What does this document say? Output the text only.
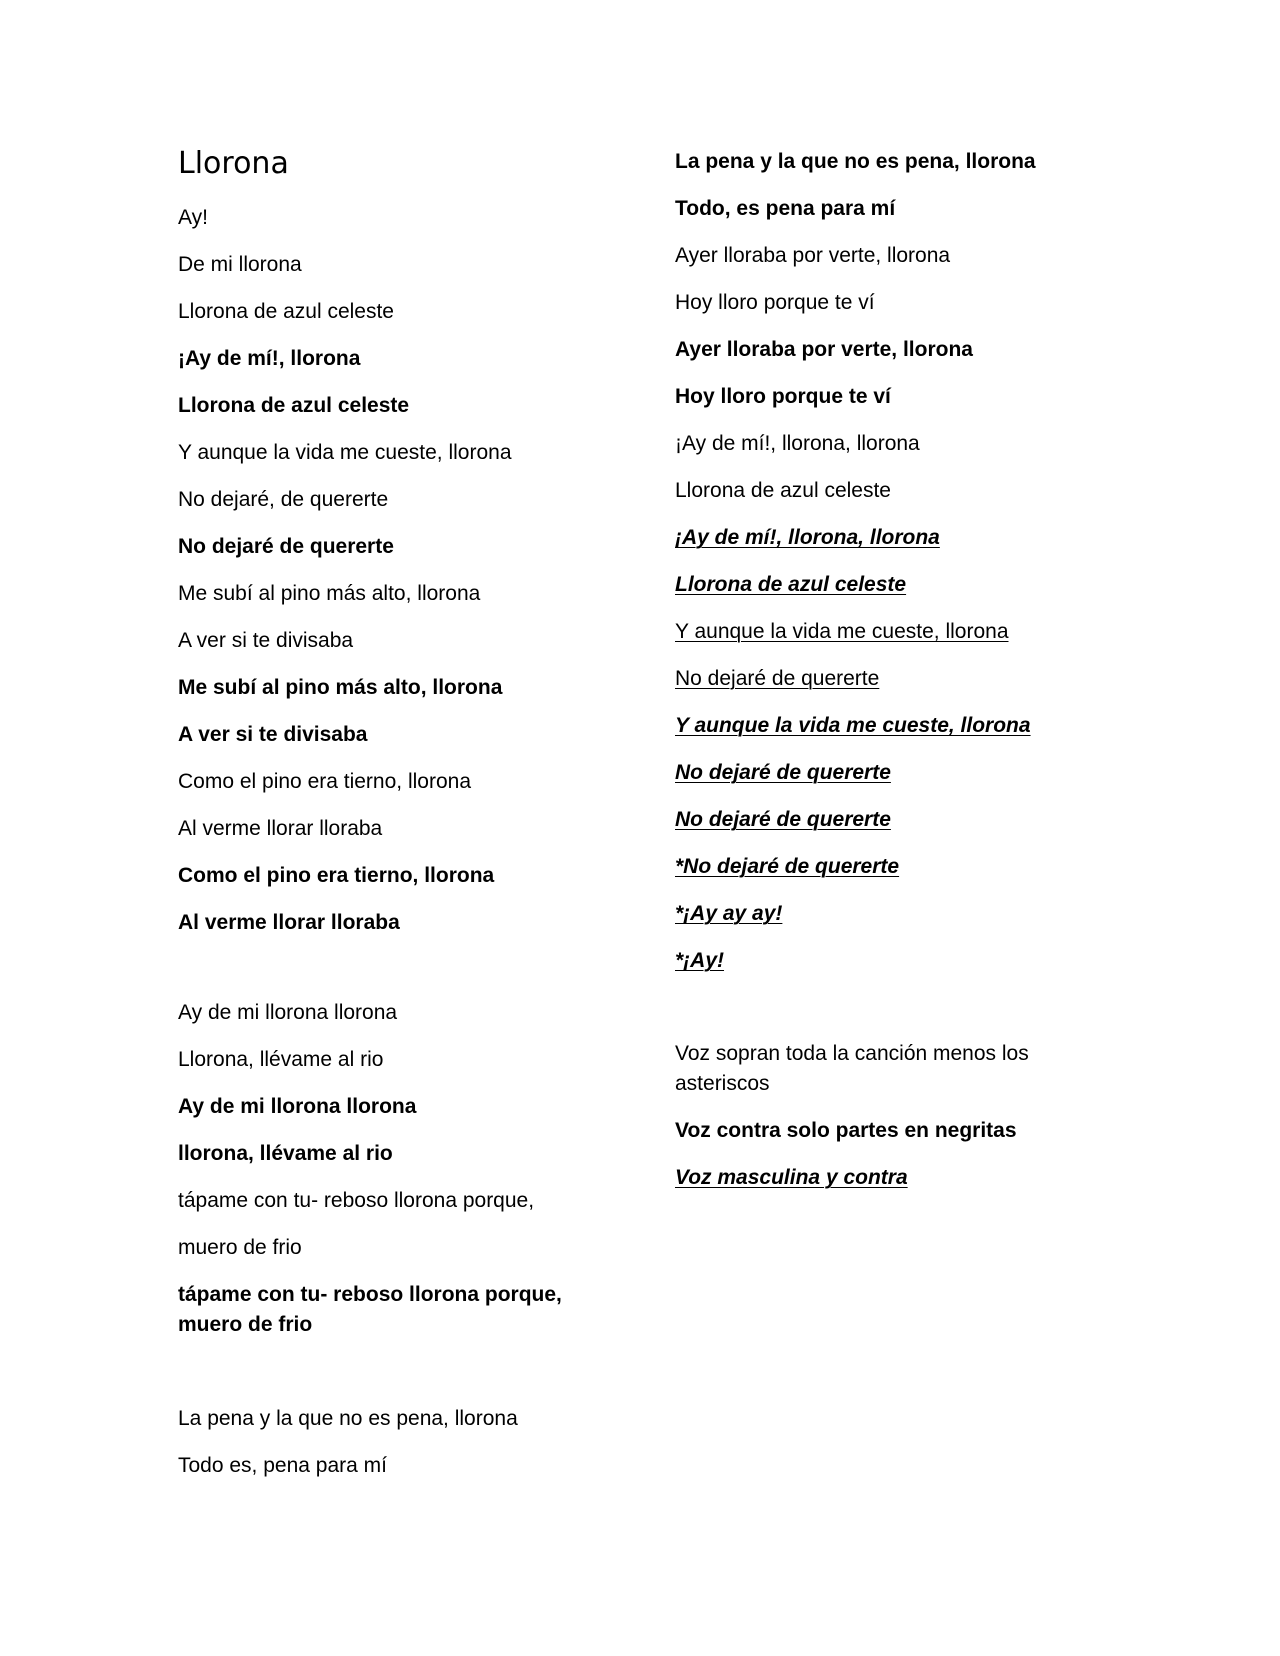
Llorona
Ay!
De mi llorona
Llorona de azul celeste
¡Ay de mí!, llorona
Llorona de azul celeste
Y aunque la vida me cueste, llorona
No dejaré, de quererte
No dejaré de quererte
Me subí al pino más alto, llorona
A ver si te divisaba
Me subí al pino más alto, llorona
A ver si te divisaba
Como el pino era tierno, llorona
Al verme llorar lloraba
Como el pino era tierno, llorona
Al verme llorar lloraba
Ay de mi llorona llorona
Llorona, llévame al rio
Ay de mi llorona llorona
llorona, llévame al rio
tápame con tu- reboso llorona porque,
muero de frio
tápame con tu- reboso llorona porque, muero de frio
La pena y la que no es pena, llorona
Todo es, pena para mí
La pena y la que no es pena, llorona
Todo, es pena para mí
Ayer lloraba por verte, llorona
Hoy lloro porque te ví
Ayer lloraba por verte, llorona
Hoy lloro porque te ví
¡Ay de mí!, llorona, llorona
Llorona de azul celeste
¡Ay de mí!, llorona, llorona
Llorona de azul celeste
Y aunque la vida me cueste, llorona
No dejaré de quererte
Y aunque la vida me cueste, llorona
No dejaré de quererte
No dejaré de quererte
*No dejaré de quererte
*¡Ay ay ay!
*¡Ay!
Voz sopran toda la canción menos los asteriscos
Voz contra solo partes en negritas
Voz masculina y contra
